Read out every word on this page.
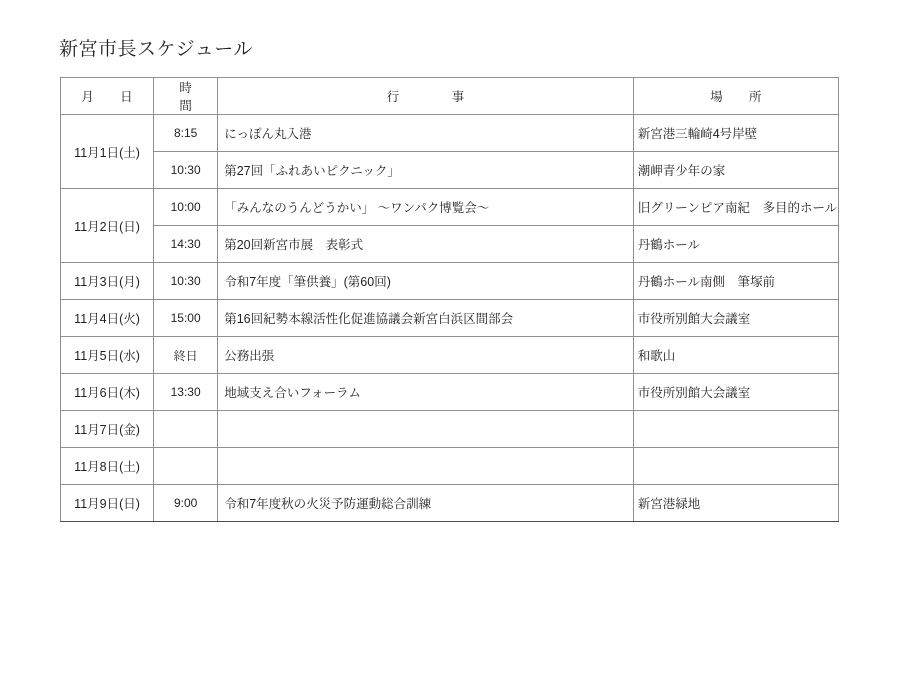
新宮市長スケジュール
月　日	時　間	行　事	場　所
11月1日(土)	8:15	にっぽん丸入港	新宮港三輪崎4号岸壁
	10:30	第27回「ふれあいピクニック」	潮岬青少年の家
11月2日(日)	10:00	「みんなのうんどうかい」 ～ワンパク博覧会～	旧グリーンピア南紀　多目的ホール
	14:30	第20回新宮市展　表彰式	丹鶴ホール
11月3日(月)	10:30	令和7年度「筆供養」(第60回)	丹鶴ホール南側　筆塚前
11月4日(火)	15:00	第16回紀勢本線活性化促進協議会新宮白浜区間部会	市役所別館大会議室
11月5日(水)	終日	公務出張	和歌山
11月6日(木)	13:30	地域支え合いフォーラム	市役所別館大会議室
11月7日(金)			
11月8日(土)			
11月9日(日)	9:00	令和7年度秋の火災予防運動総合訓練	新宮港緑地
